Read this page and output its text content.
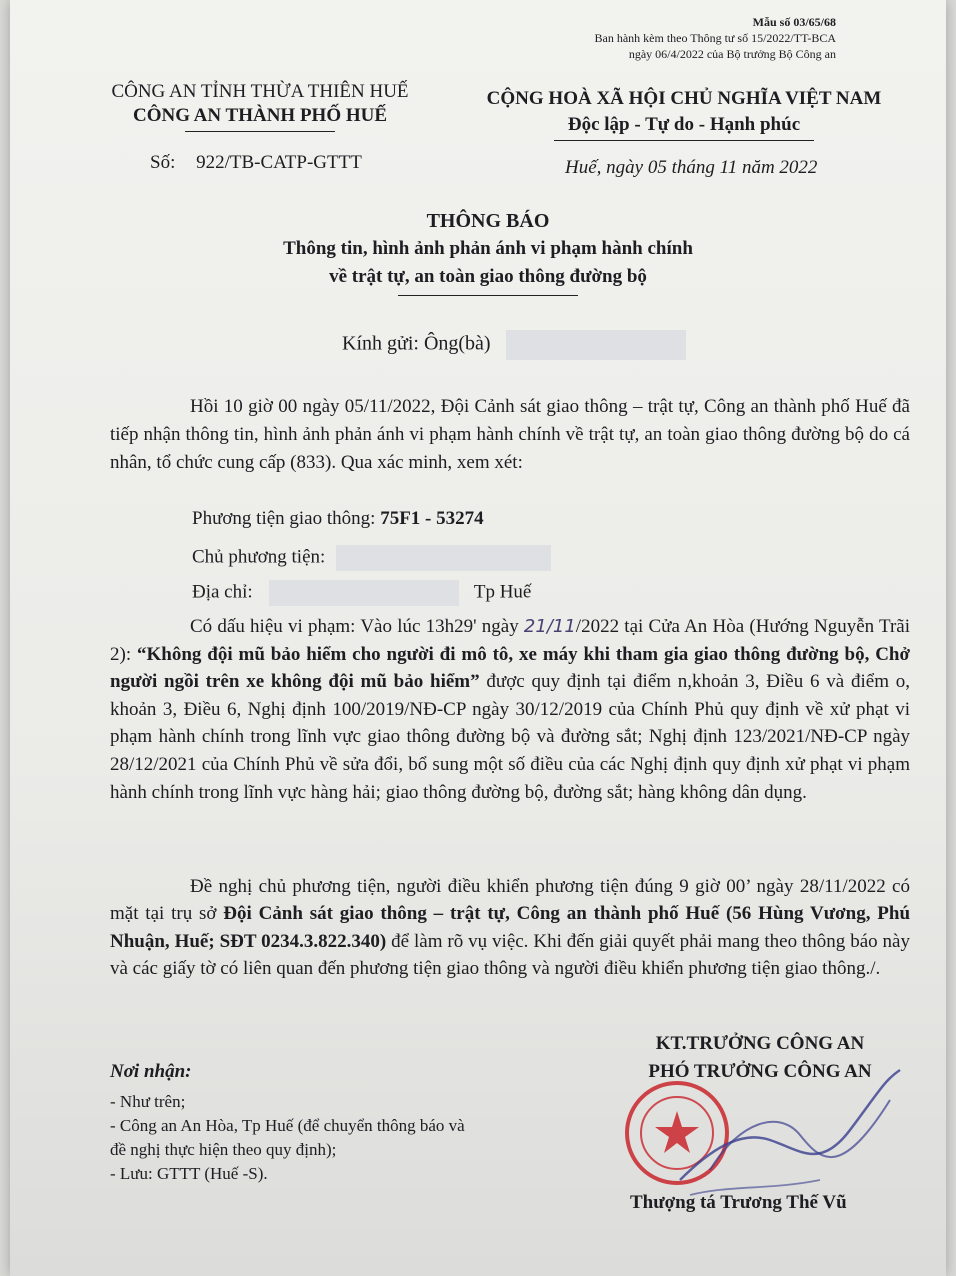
Mẫu số 03/65/68
Ban hành kèm theo Thông tư số 15/2022/TT-BCA
ngày 06/4/2022 của Bộ trưởng Bộ Công an
CÔNG AN TỈNH THỪA THIÊN HUẾ
CÔNG AN THÀNH PHỐ HUẾ
CỘNG HOÀ XÃ HỘI CHỦ NGHĨA VIỆT NAM
Độc lập - Tự do - Hạnh phúc
Số: 922/TB-CATP-GTTT	Huế, ngày 05 tháng 11 năm 2022
THÔNG BÁO
Thông tin, hình ảnh phản ánh vi phạm hành chính
về trật tự, an toàn giao thông đường bộ
Kính gửi: Ông(bà)
Hồi 10 giờ 00 ngày 05/11/2022, Đội Cảnh sát giao thông – trật tự, Công an thành phố Huế đã tiếp nhận thông tin, hình ảnh phản ánh vi phạm hành chính về trật tự, an toàn giao thông đường bộ do cá nhân, tổ chức cung cấp (833). Qua xác minh, xem xét:
Phương tiện giao thông: 75F1 - 53274
Chủ phương tiện:
Địa chỉ:	Tp Huế
Có dấu hiệu vi phạm: Vào lúc 13h29' ngày 21/11/2022 tại Cửa An Hòa (Hướng Nguyễn Trãi 2): “Không đội mũ bảo hiểm cho người đi mô tô, xe máy khi tham gia giao thông đường bộ, Chở người ngồi trên xe không đội mũ bảo hiểm” được quy định tại điểm n,khoản 3, Điều 6 và điểm o, khoản 3, Điều 6, Nghị định 100/2019/NĐ-CP ngày 30/12/2019 của Chính Phủ quy định về xử phạt vi phạm hành chính trong lĩnh vực giao thông đường bộ và đường sắt; Nghị định 123/2021/NĐ-CP ngày 28/12/2021 của Chính Phủ về sửa đổi, bổ sung một số điều của các Nghị định quy định xử phạt vi phạm hành chính trong lĩnh vực hàng hải; giao thông đường bộ, đường sắt; hàng không dân dụng.
Đề nghị chủ phương tiện, người điều khiển phương tiện đúng 9 giờ 00’ ngày 28/11/2022 có mặt tại trụ sở Đội Cảnh sát giao thông – trật tự, Công an thành phố Huế (56 Hùng Vương, Phú Nhuận, Huế; SĐT 0234.3.822.340) để làm rõ vụ việc. Khi đến giải quyết phải mang theo thông báo này và các giấy tờ có liên quan đến phương tiện giao thông và người điều khiển phương tiện giao thông./.
Nơi nhận:
- Như trên;
- Công an An Hòa, Tp Huế (để chuyển thông báo và
đề nghị thực hiện theo quy định);
- Lưu: GTTT (Huế -S).
KT.TRƯỞNG CÔNG AN
PHÓ TRƯỞNG CÔNG AN
Thượng tá Trương Thế Vũ
